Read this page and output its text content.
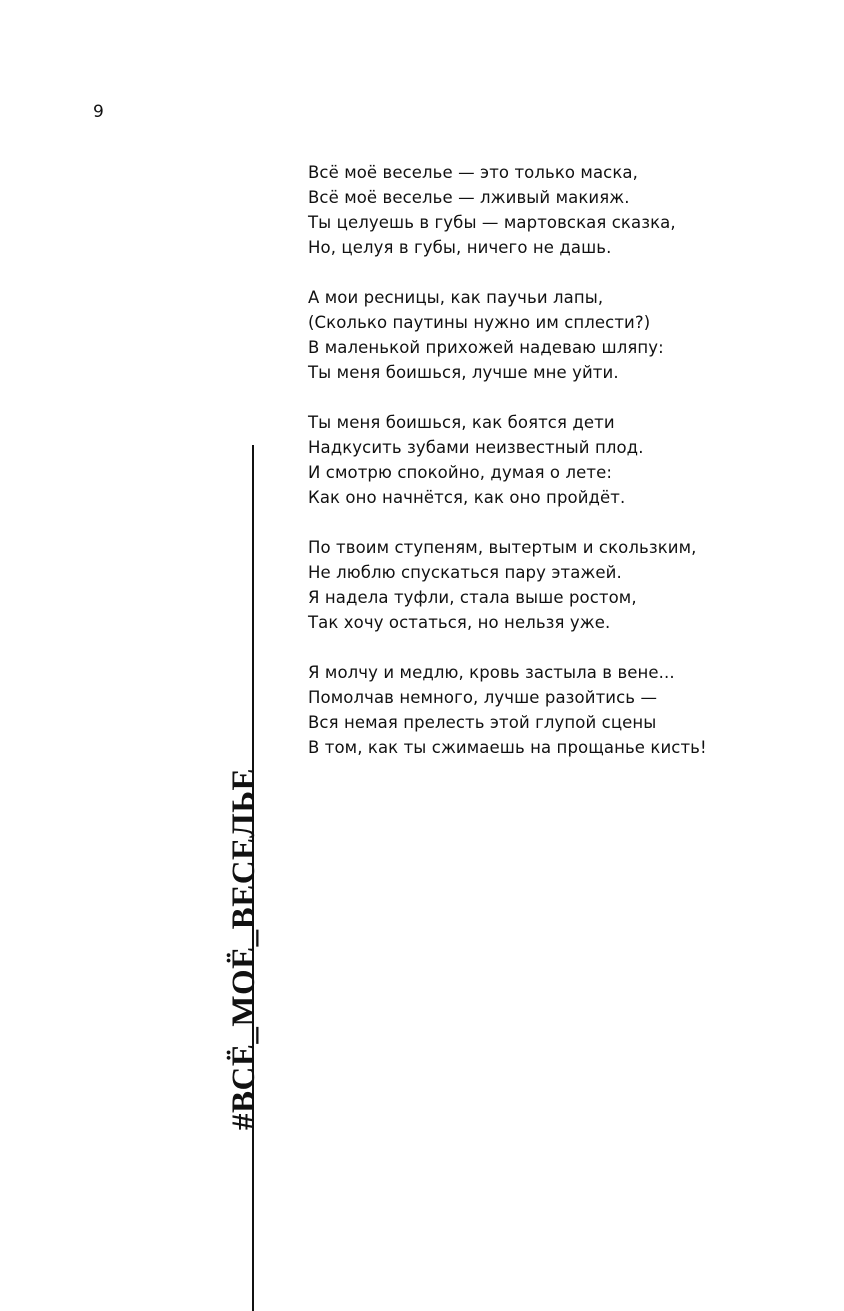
9
Всё моё веселье — это только маска,
Всё моё веселье — лживый макияж.
Ты целуешь в губы — мартовская сказка,
Но, целуя в губы, ничего не дашь.
А мои ресницы, как паучьи лапы,
(Сколько паутины нужно им сплести?)
В маленькой прихожей надеваю шляпу:
Ты меня боишься, лучше мне уйти.
Ты меня боишься, как боятся дети
Надкусить зубами неизвестный плод.
И смотрю спокойно, думая о лете:
Как оно начнётся, как оно пройдёт.
По твоим ступеням, вытертым и скользким,
Не люблю спускаться пару этажей.
Я надела туфли, стала выше ростом,
Так хочу остаться, но нельзя уже.
Я молчу и медлю, кровь застыла в вене...
Помолчав немного, лучше разойтись —
Вся немая прелесть этой глупой сцены
В том, как ты сжимаешь на прощанье кисть!
#ВСЁ_МОЁ_ВЕСЕЛЬЕ
